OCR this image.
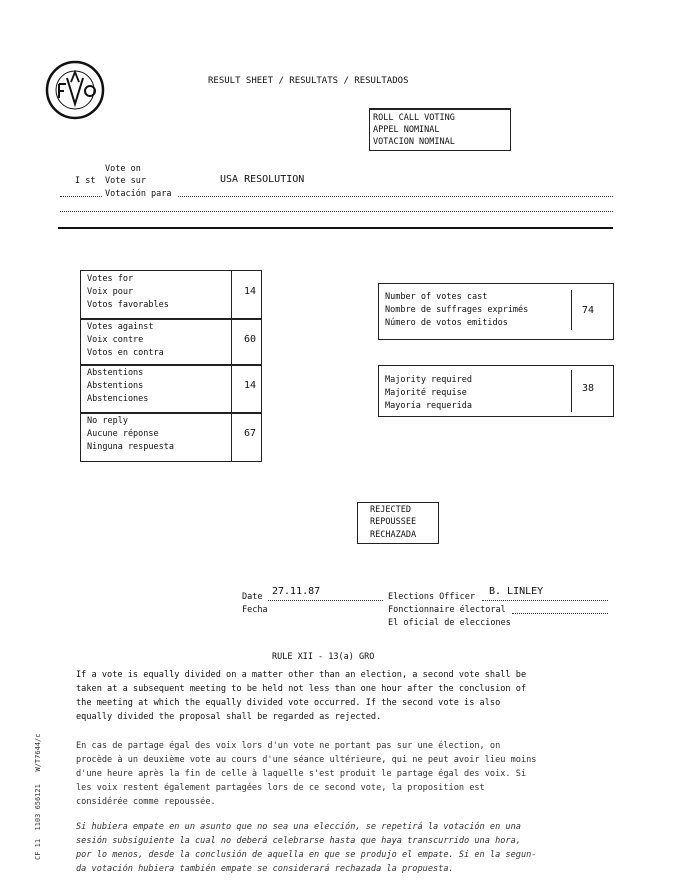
RESULT SHEET / RESULTATS / RESULTADOS
ROLL CALL VOTING
APPEL NOMINAL
VOTACION NOMINAL
Vote on
I st Vote sur	USA RESOLUTION
Votación para
Votes for
Voix pour
Votos favorables
14
Votes against
Voix contre
Votos en contra
60
Abstentions
Abstentions
Abstenciones
14
No reply
Aucune réponse
Ninguna respuesta
67
Number of votes cast
Nombre de suffrages exprimés
Número de votos emitidos
74
Majority required
Majorité requise
Mayoría requerida
38
REJECTED
REPOUSSEE
RECHAZADA
Date 27.11.87
Fecha
Elections Officer B. LINLEY
Fonctionnaire électoral
El oficial de elecciones
RULE XII - 13(a) GRO
If a vote is equally divided on a matter other than an election, a second vote shall be
taken at a subsequent meeting to be held not less than one hour after the conclusion of
the meeting at which the equally divided vote occurred. If the second vote is also
equally divided the proposal shall be regarded as rejected.
En cas de partage égal des voix lors d'un vote ne portant pas sur une élection, on
procède à un deuxième vote au cours d'une séance ultérieure, qui ne peut avoir lieu moins
d'une heure après la fin de celle à laquelle s'est produit le partage égal des voix. Si
les voix restent également partagées lors de ce second vote, la proposition est
considérée comme repoussée.
Si hubiera empate en un asunto que no sea una elección, se repetirá la votación en una
sesión subsiguiente la cual no deberá celebrarse hasta que haya transcurrido una hora,
por lo menos, desde la conclusión de aquella en que se produjo el empate. Si en la segun-
da votación hubiera también empate se considerará rechazada la propuesta.
CF 11  1103 656121   W/T7644/c
